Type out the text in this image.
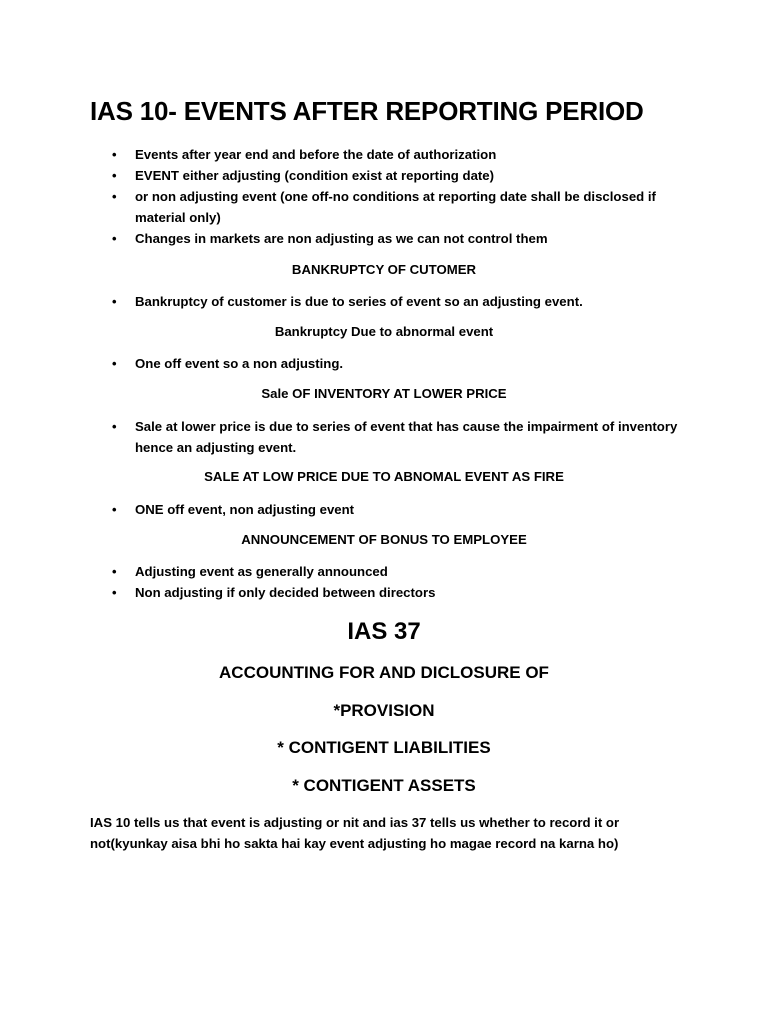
IAS 10- EVENTS AFTER REPORTING PERIOD
• Events after year end and before the date of authorization
• EVENT either adjusting (condition exist at reporting date)
• or non adjusting event (one off-no conditions at reporting date shall be disclosed if material only)
• Changes in markets are non adjusting as we can not control them
BANKRUPTCY OF CUTOMER
• Bankruptcy of customer is due to series of event so an adjusting event.
Bankruptcy Due to abnormal event
• One off event so a non adjusting.
Sale OF INVENTORY AT LOWER PRICE
• Sale at lower price is due to series of event that has cause the impairment of inventory hence an adjusting event.
SALE AT LOW PRICE DUE TO ABNOMAL EVENT AS FIRE
• ONE off event, non adjusting event
ANNOUNCEMENT OF BONUS TO EMPLOYEE
• Adjusting event as generally announced
• Non adjusting if only decided between directors
IAS 37
ACCOUNTING FOR AND DICLOSURE OF
*PROVISION
* CONTIGENT LIABILITIES
* CONTIGENT ASSETS
IAS 10 tells us that event is adjusting or nit and ias 37 tells us whether to record it or not(kyunkay aisa bhi ho sakta hai kay event adjusting ho magae record na karna ho)
